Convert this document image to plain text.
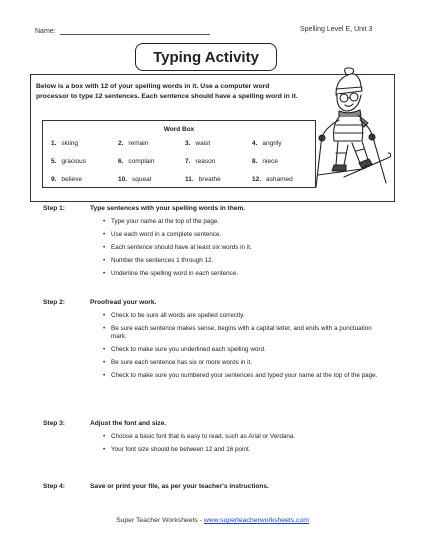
Name:	Spelling Level E, Unit 3
Typing Activity
Below is a box with 12 of your spelling words in it. Use a computer word processor to type 12 sentences. Each sentence should have a spelling word in it.
Word Box
1. skiing	2. remain	3. waist	4. angrily
5. gracious	6. complain	7. reason	8. niece
9. believe	10. squeal	11. breathe	12. ashamed
Step 1:	Type sentences with your spelling words in them.
• Type your name at the top of the page.
• Use each word in a complete sentence.
• Each sentence should have at least six words in it.
• Number the sentences 1 through 12.
• Underline the spelling word in each sentence.
Step 2:	Proofread your work.
• Check to be sure all words are spelled correctly.
• Be sure each sentence makes sense, begins with a capital letter, and ends with a punctuation mark.
• Check to make sure you underlined each spelling word.
• Be sure each sentence has six or more words in it.
• Check to make sure you numbered your sentences and typed your name at the top of the page.
Step 3:	Adjust the font and size.
• Choose a basic font that is easy to read, such as Arial or Verdana.
• Your font size should be between 12 and 16 point.
Step 4:	Save or print your file, as per your teacher's instructions.
Super Teacher Worksheets - www.superteacherworksheets.com
